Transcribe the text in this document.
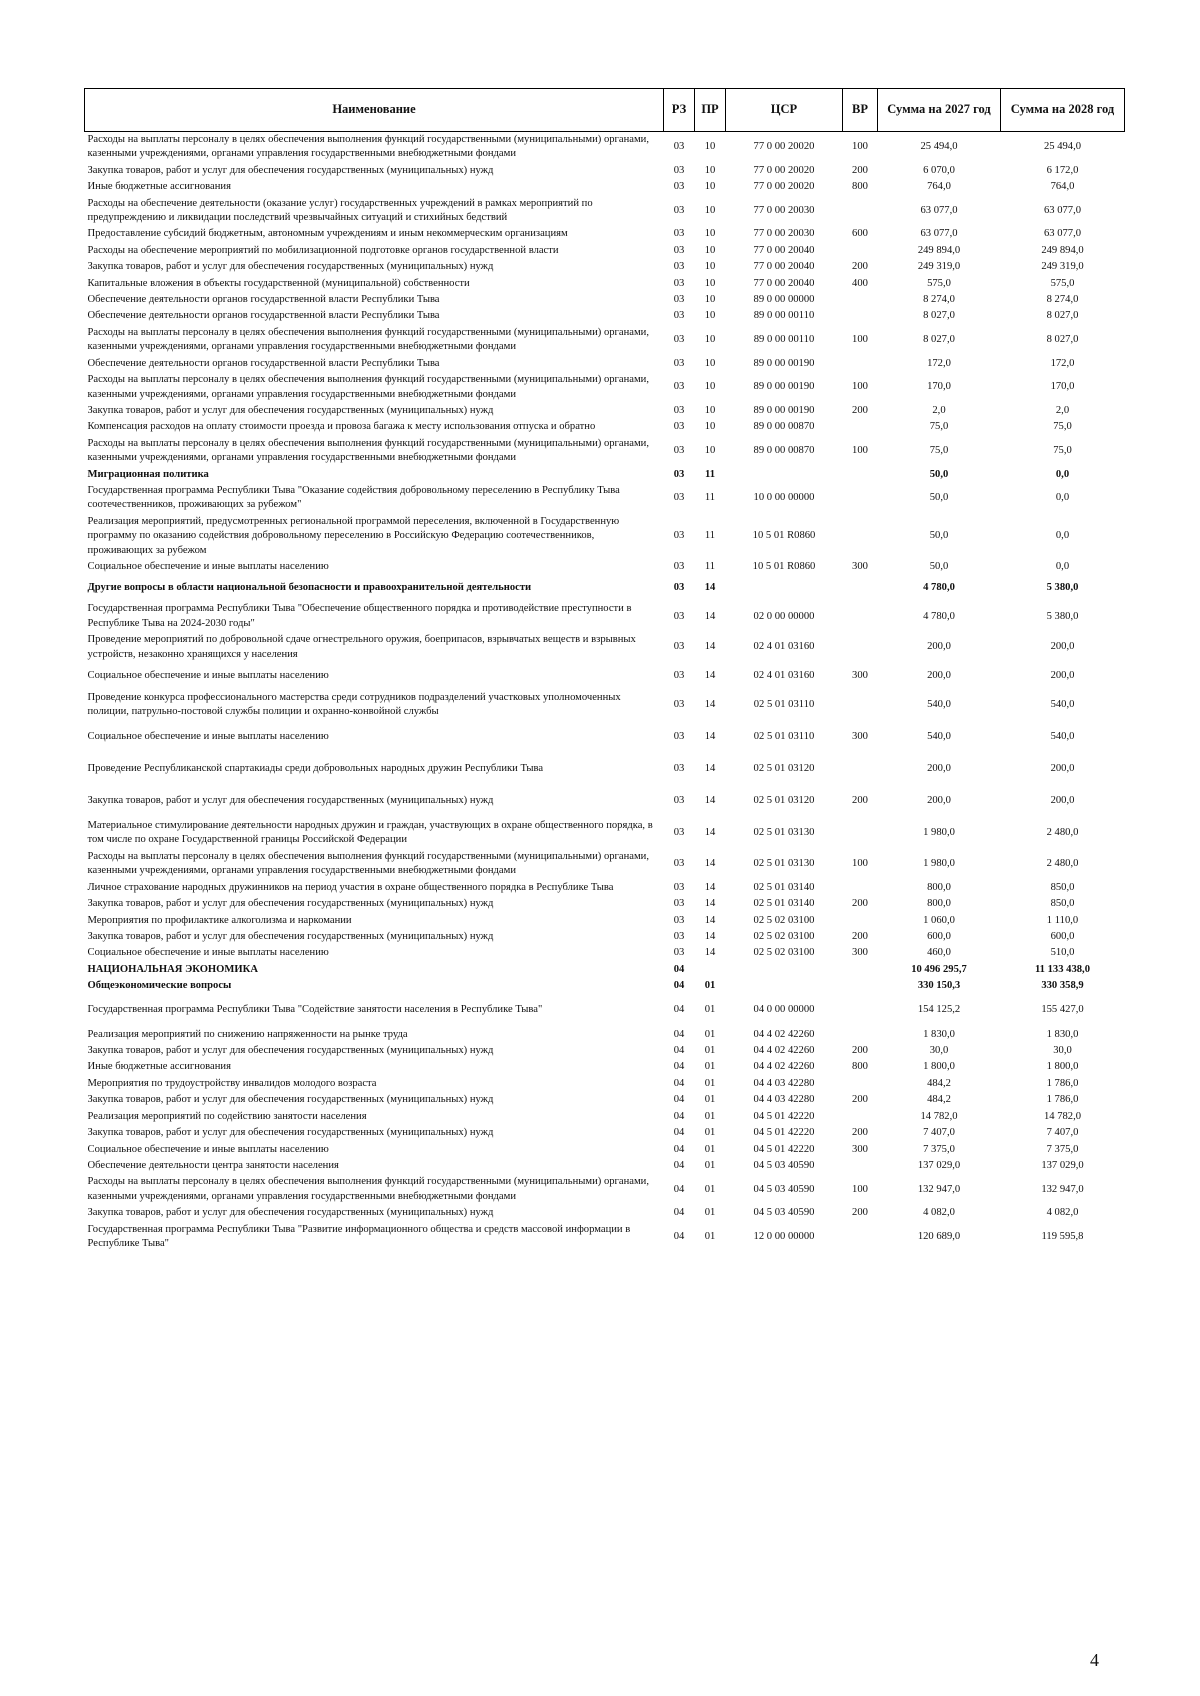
Наименование	РЗ	ПР	ЦСР	ВР	Сумма на 2027 год	Сумма на 2028 год
Расходы на выплаты персоналу в целях обеспечения выполнения функций государственными (муниципальными) органами, казенными учреждениями, органами управления государственными внебюджетными фондами	03	10	77 0 00 20020	100	25 494,0	25 494,0
Закупка товаров, работ и услуг для обеспечения государственных (муниципальных) нужд	03	10	77 0 00 20020	200	6 070,0	6 172,0
Иные бюджетные ассигнования	03	10	77 0 00 20020	800	764,0	764,0
Расходы на обеспечение деятельности (оказание услуг) государственных учреждений в рамках мероприятий по предупреждению и ликвидации последствий чрезвычайных ситуаций и стихийных бедствий	03	10	77 0 00 20030		63 077,0	63 077,0
Предоставление субсидий бюджетным, автономным учреждениям и иным некоммерческим организациям	03	10	77 0 00 20030	600	63 077,0	63 077,0
Расходы на обеспечение мероприятий по мобилизационной подготовке органов государственной власти	03	10	77 0 00 20040		249 894,0	249 894,0
Закупка товаров, работ и услуг для обеспечения государственных (муниципальных) нужд	03	10	77 0 00 20040	200	249 319,0	249 319,0
Капитальные вложения в объекты государственной (муниципальной) собственности	03	10	77 0 00 20040	400	575,0	575,0
Обеспечение деятельности органов государственной власти Республики Тыва	03	10	89 0 00 00000		8 274,0	8 274,0
Обеспечение деятельности органов государственной власти Республики Тыва	03	10	89 0 00 00110		8 027,0	8 027,0
Расходы на выплаты персоналу в целях обеспечения выполнения функций государственными (муниципальными) органами, казенными учреждениями, органами управления государственными внебюджетными фондами	03	10	89 0 00 00110	100	8 027,0	8 027,0
Обеспечение деятельности органов государственной власти Республики Тыва	03	10	89 0 00 00190		172,0	172,0
Расходы на выплаты персоналу в целях обеспечения выполнения функций государственными (муниципальными) органами, казенными учреждениями, органами управления государственными внебюджетными фондами	03	10	89 0 00 00190	100	170,0	170,0
Закупка товаров, работ и услуг для обеспечения государственных (муниципальных) нужд	03	10	89 0 00 00190	200	2,0	2,0
Компенсация расходов на оплату стоимости проезда и провоза багажа к месту использования отпуска и обратно	03	10	89 0 00 00870		75,0	75,0
Расходы на выплаты персоналу в целях обеспечения выполнения функций государственными (муниципальными) органами, казенными учреждениями, органами управления государственными внебюджетными фондами	03	10	89 0 00 00870	100	75,0	75,0
Миграционная политика	03	11			50,0	0,0
Государственная программа Республики Тыва "Оказание содействия добровольному переселению в Республику Тыва соотечественников, проживающих за рубежом"	03	11	10 0 00 00000		50,0	0,0
Реализация мероприятий, предусмотренных региональной программой переселения, включенной в Государственную программу по оказанию содействия добровольному переселению в Российскую Федерацию соотечественников, проживающих за рубежом	03	11	10 5 01 R0860		50,0	0,0
Социальное обеспечение и иные выплаты населению	03	11	10 5 01 R0860	300	50,0	0,0
Другие вопросы в области национальной безопасности и правоохранительной деятельности	03	14			4 780,0	5 380,0
Государственная программа Республики Тыва "Обеспечение общественного порядка и противодействие преступности в Республике Тыва на 2024-2030 годы"	03	14	02 0 00 00000		4 780,0	5 380,0
Проведение мероприятий по добровольной сдаче огнестрельного оружия, боеприпасов, взрывчатых веществ и взрывных устройств, незаконно хранящихся у населения	03	14	02 4 01 03160		200,0	200,0
Социальное обеспечение и иные выплаты населению	03	14	02 4 01 03160	300	200,0	200,0
Проведение конкурса профессионального мастерства среди сотрудников подразделений участковых уполномоченных полиции, патрульно-постовой службы полиции и охранно-конвойной службы	03	14	02 5 01 03110		540,0	540,0
Социальное обеспечение и иные выплаты населению	03	14	02 5 01 03110	300	540,0	540,0
Проведение Республиканской спартакиады среди добровольных народных дружин Республики Тыва	03	14	02 5 01 03120		200,0	200,0
Закупка товаров, работ и услуг для обеспечения государственных (муниципальных) нужд	03	14	02 5 01 03120	200	200,0	200,0
Материальное стимулирование деятельности народных дружин и граждан, участвующих в охране общественного порядка, в том числе по охране Государственной границы Российской Федерации	03	14	02 5 01 03130		1 980,0	2 480,0
Расходы на выплаты персоналу в целях обеспечения выполнения функций государственными (муниципальными) органами, казенными учреждениями, органами управления государственными внебюджетными фондами	03	14	02 5 01 03130	100	1 980,0	2 480,0
Личное страхование народных дружинников на период участия в охране общественного порядка в Республике Тыва	03	14	02 5 01 03140		800,0	850,0
Закупка товаров, работ и услуг для обеспечения государственных (муниципальных) нужд	03	14	02 5 01 03140	200	800,0	850,0
Мероприятия по профилактике алкоголизма и наркомании	03	14	02 5 02 03100		1 060,0	1 110,0
Закупка товаров, работ и услуг для обеспечения государственных (муниципальных) нужд	03	14	02 5 02 03100	200	600,0	600,0
Социальное обеспечение и иные выплаты населению	03	14	02 5 02 03100	300	460,0	510,0
НАЦИОНАЛЬНАЯ ЭКОНОМИКА	04				10 496 295,7	11 133 438,0
Общеэкономические вопросы	04	01			330 150,3	330 358,9
Государственная программа Республики Тыва "Содействие занятости населения в Республике Тыва"	04	01	04 0 00 00000		154 125,2	155 427,0
Реализация мероприятий по снижению напряженности на рынке труда	04	01	04 4 02 42260		1 830,0	1 830,0
Закупка товаров, работ и услуг для обеспечения государственных (муниципальных) нужд	04	01	04 4 02 42260	200	30,0	30,0
Иные бюджетные ассигнования	04	01	04 4 02 42260	800	1 800,0	1 800,0
Мероприятия по трудоустройству инвалидов молодого возраста	04	01	04 4 03 42280		484,2	1 786,0
Закупка товаров, работ и услуг для обеспечения государственных (муниципальных) нужд	04	01	04 4 03 42280	200	484,2	1 786,0
Реализация мероприятий по содействию занятости населения	04	01	04 5 01 42220		14 782,0	14 782,0
Закупка товаров, работ и услуг для обеспечения государственных (муниципальных) нужд	04	01	04 5 01 42220	200	7 407,0	7 407,0
Социальное обеспечение и иные выплаты населению	04	01	04 5 01 42220	300	7 375,0	7 375,0
Обеспечение деятельности центра занятости населения	04	01	04 5 03 40590		137 029,0	137 029,0
Расходы на выплаты персоналу в целях обеспечения выполнения функций государственными (муниципальными) органами, казенными учреждениями, органами управления государственными внебюджетными фондами	04	01	04 5 03 40590	100	132 947,0	132 947,0
Закупка товаров, работ и услуг для обеспечения государственных (муниципальных) нужд	04	01	04 5 03 40590	200	4 082,0	4 082,0
Государственная программа Республики Тыва "Развитие информационного общества и средств массовой информации в Республике Тыва"	04	01	12 0 00 00000		120 689,0	119 595,8
4
